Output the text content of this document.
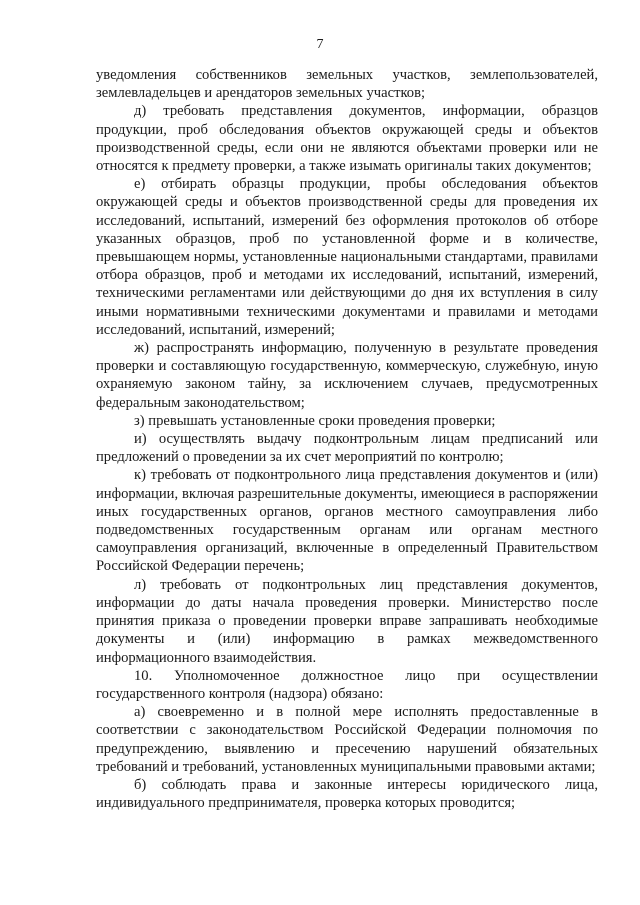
7

уведомления собственников земельных участков, землепользователей, землевладельцев и арендаторов земельных участков;

д) требовать представления документов, информации, образцов продукции, проб обследования объектов окружающей среды и объектов производственной среды, если они не являются объектами проверки или не относятся к предмету проверки, а также изымать оригиналы таких документов;

е) отбирать образцы продукции, пробы обследования объектов окружающей среды и объектов производственной среды для проведения их исследований, испытаний, измерений без оформления протоколов об отборе указанных образцов, проб по установленной форме и в количестве, превышающем нормы, установленные национальными стандартами, правилами отбора образцов, проб и методами их исследований, испытаний, измерений, техническими регламентами или действующими до дня их вступления в силу иными нормативными техническими документами и правилами и методами исследований, испытаний, измерений;

ж) распространять информацию, полученную в результате проведения проверки и составляющую государственную, коммерческую, служебную, иную охраняемую законом тайну, за исключением случаев, предусмотренных федеральным законодательством;

з) превышать установленные сроки проведения проверки;

и) осуществлять выдачу подконтрольным лицам предписаний или предложений о проведении за их счет мероприятий по контролю;

к) требовать от подконтрольного лица представления документов и (или) информации, включая разрешительные документы, имеющиеся в распоряжении иных государственных органов, органов местного самоуправления либо подведомственных государственным органам или органам местного самоуправления организаций, включенные в определенный Правительством Российской Федерации перечень;

л) требовать от подконтрольных лиц представления документов, информации до даты начала проведения проверки. Министерство после принятия приказа о проведении проверки вправе запрашивать необходимые документы и (или) информацию в рамках межведомственного информационного взаимодействия.

10. Уполномоченное должностное лицо при осуществлении государственного контроля (надзора) обязано:

а) своевременно и в полной мере исполнять предоставленные в соответствии с законодательством Российской Федерации полномочия по предупреждению, выявлению и пресечению нарушений обязательных требований и требований, установленных муниципальными правовыми актами;

б) соблюдать права и законные интересы юридического лица, индивидуального предпринимателя, проверка которых проводится;
